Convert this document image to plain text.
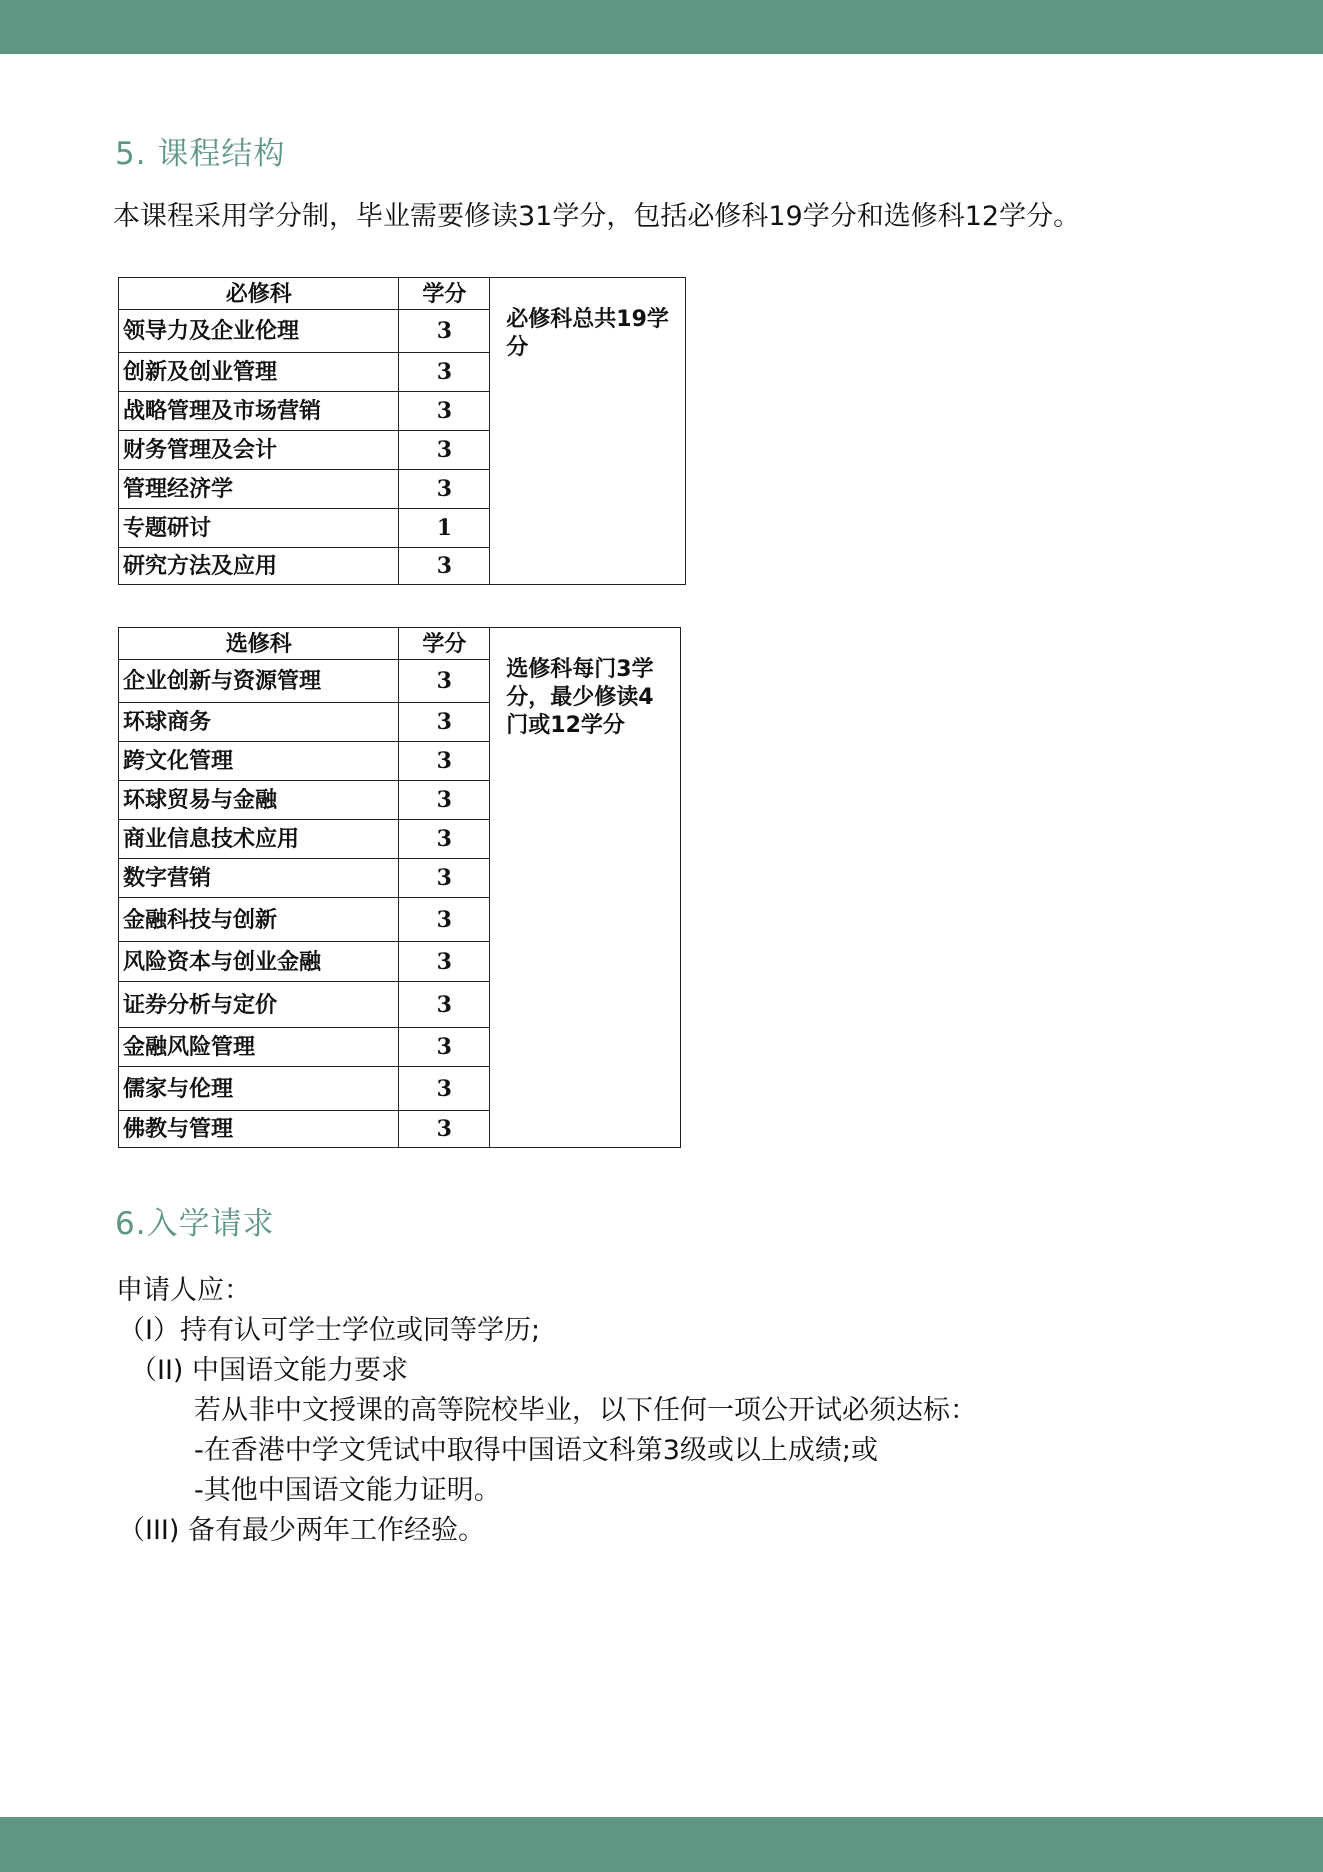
5. 课程结构

本课程采用学分制，毕业需要修读31学分，包括必修科19学分和选修科12学分。

必修科	学分	必修科总共19学分
领导力及企业伦理	3	
创新及创业管理	3	
战略管理及市场营销	3	
财务管理及会计	3	
管理经济学	3	
专题研讨	1	
研究方法及应用	3	
选修科	学分	选修科每门3学分，最少修读4门或12学分
企业创新与资源管理	3	
环球商务	3	
跨文化管理	3	
环球贸易与金融	3	
商业信息技术应用	3	
数字营销	3	
金融科技与创新	3	
风险资本与创业金融	3	
证券分析与定价	3	
金融风险管理	3	
儒家与伦理	3	
佛教与管理	3	
6.入学请求

申请人应：

（I）持有认可学士学位或同等学历;

（II) 中国语文能力要求

若从非中文授课的高等院校毕业，以下任何一项公开试必须达标：

-在香港中学文凭试中取得中国语文科第3级或以上成绩;或

-其他中国语文能力证明。

（III) 备有最少两年工作经验。
